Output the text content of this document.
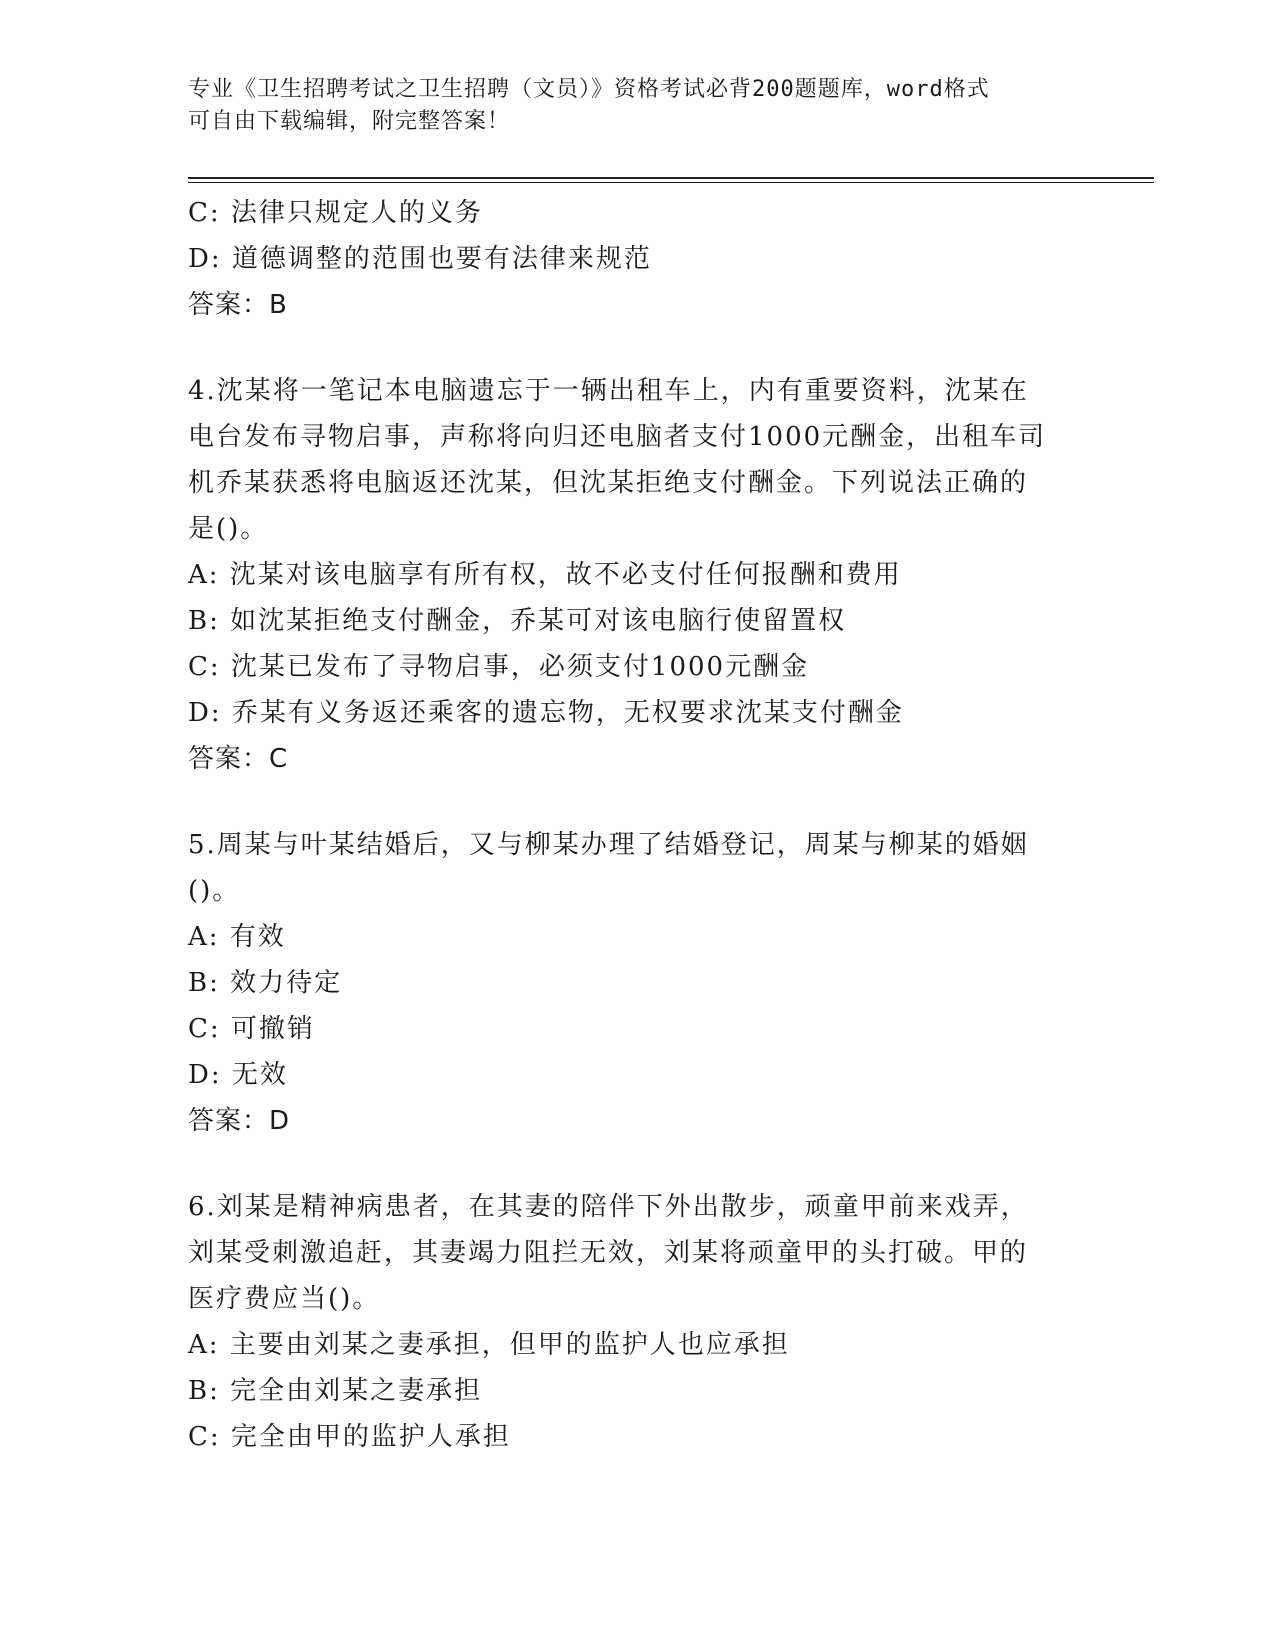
专业《卫生招聘考试之卫生招聘（文员）》资格考试必背200题题库，word格式
可自由下载编辑，附完整答案！
C: 法律只规定人的义务
D: 道德调整的范围也要有法律来规范
答案：B
4.沈某将一笔记本电脑遗忘于一辆出租车上，内有重要资料，沈某在
电台发布寻物启事，声称将向归还电脑者支付1000元酬金，出租车司
机乔某获悉将电脑返还沈某，但沈某拒绝支付酬金。下列说法正确的
是()。
A: 沈某对该电脑享有所有权，故不必支付任何报酬和费用
B: 如沈某拒绝支付酬金，乔某可对该电脑行使留置权
C: 沈某已发布了寻物启事，必须支付1000元酬金
D: 乔某有义务返还乘客的遗忘物，无权要求沈某支付酬金
答案：C
5.周某与叶某结婚后，又与柳某办理了结婚登记，周某与柳某的婚姻
()。
A: 有效
B: 效力待定
C: 可撤销
D: 无效
答案：D
6.刘某是精神病患者，在其妻的陪伴下外出散步，顽童甲前来戏弄，
刘某受刺激追赶，其妻竭力阻拦无效，刘某将顽童甲的头打破。甲的
医疗费应当()。
A: 主要由刘某之妻承担，但甲的监护人也应承担
B: 完全由刘某之妻承担
C: 完全由甲的监护人承担
